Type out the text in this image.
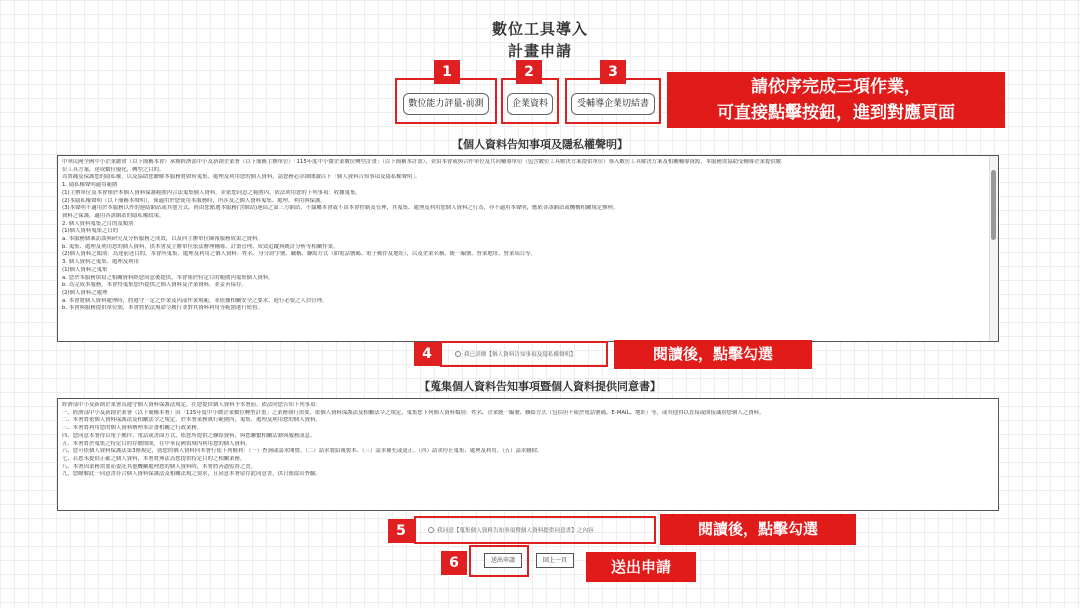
數位工具導入
計畫申請
1
數位能力評量-前測
2
企業資料
3
受輔導企業切結書
請依序完成三項作業，
可直接點擊按鈕，進到對應頁面
【個人資料告知事項及隱私權聲明】

中華民國全國中小企業總會（以下簡稱本會）承辦經濟部中小及新創企業署（以下簡稱主辦單位）「115年度中小微企業數位轉型計畫」（以下簡稱本計畫），並由本會或與合作單位及共同輔導單位（包含數位工具解決方案提供單位）導入數位工具解決方案及相關輔導資源，本服務需協助受輔導企業提供數

位工具方案，達成數位優化，轉型之目的。

為實踐及保護您的隱私權，以及協助您瞭解本服務將如何蒐集、處理及利用您的個人資料，請您務必詳細閱讀以下「個人資料告知事項及隱私權聲明」。

1. 隱私權聲明適用範圍

(1)主辦單位及本會僅於本個人資料保護範圍內合法蒐集個人資料，並依您同意之範圍內，依法利用您的下列事項：收據蒐集。

(2)本隱私權聲明（以下簡稱本聲明），僅適用於您使用本服務時，所涉及之個人資料蒐集、處理、利用與保護。

(3)本聲明不適用於本服務以外的連結網站或其他方式。經由您點選本服務(含網站)連結之第三方網站，不隸屬本會或不由本會控制及管理，其蒐集、處理及利用您個人資料之行為，亦不適用本聲明，應依各該網站或機構相關規定辦理。

資料之保護，適用各該網站的隱私權政策。

2. 個人資料蒐集之目的及類別

(1)個人資料蒐集之目的

a. 本服務個案訪談與研究及分析服務之成效，以及向主辦單位陳報服務成果之資料。

b. 蒐集、處理及利用您的個人資料，供本會及主辦單位依法辦理輔導、計畫管理、成效追蹤與統計分析等相關作業。

(2)個人資料之類別：為達前述目的，本會所蒐集、處理及利用之個人資料：姓名、身分證字號、職稱、聯絡方式（如電話號碼、電子郵件及地址），以及企業名稱、統一編號、營業地址、營業項目等。

3. 個人資料之蒐集、處理及利用

(1)個人資料之蒐集

a. 您於本服務填寫之相關資料經您同意後提供，本會僅於特定目的範圍內蒐集個人資料。

b. 為完成本服務，本會得蒐集您所提供之個人資料及企業資料，並妥善保存。

(2)個人資料之處理

a. 本會將個人資料處理時，將遵守一定之作業及內部作業規範，並依據相關安全之要求，進行必要之人員管理。

b. 本會與服務提供單位間，本會將依法規命令履行並對其資料利用等範圍進行監督。

4	我已詳閱【個人資料告知事項及隱私權聲明】	閱讀後，點擊勾選
【蒐集個人資料告知事項暨個人資料提供同意書】

經濟部中小及新創企業署為遵守個人資料保護法規定，在您提供個人資料予本署前，依法向您告知下列事項：

一、經濟部中小及新創企業署（以下簡稱本署）因「115年度中小微企業數位轉型計畫」之業務執行需要，依個人資料保護法及相關法令之規定，蒐集您下列個人資料類別：姓名、企業統一編號、聯絡方式（包括但不限於電話號碼、E-MAIL、地址）等，或其他得以直接或間接識別您個人之資料。

二、本署將依個人資料保護法及相關法令之規定，於本署業務執行範圍內，蒐集、處理及利用您的個人資料。

三、本署將利用您的個人資料辦理本計畫相關之行政業務。

四、您同意本署得以電子郵件、電話或書面方式，依您所提供之聯絡資料，與您聯繫相關活動與服務訊息。

五、本署將於蒐集之特定目的存續期間，在中華民國領域內利用您的個人資料。

六、您可依個人資料保護法第3條規定，就您的個人資料向本署行使下列權利：（一）查詢或請求閱覽、（二）請求製給複製本、（三）請求補充或更正、（四）請求停止蒐集、處理及利用、（五）請求刪除。

七、若您未提供正確之個人資料，本署將無法為您提供特定目的之相關業務。

八、本署因業務需要而委託其他機關處理您的個人資料時，本署將善盡監督之責。

九、您瞭解此一同意書符合個人資料保護法及相關法規之要求，且同意本署留存此同意書，供日後取出查驗。

5	我同意【蒐集個人資料告知事項暨個人資料提供同意書】之內容	閱讀後，點擊勾選
6	送出申請	回上一頁	送出申請
